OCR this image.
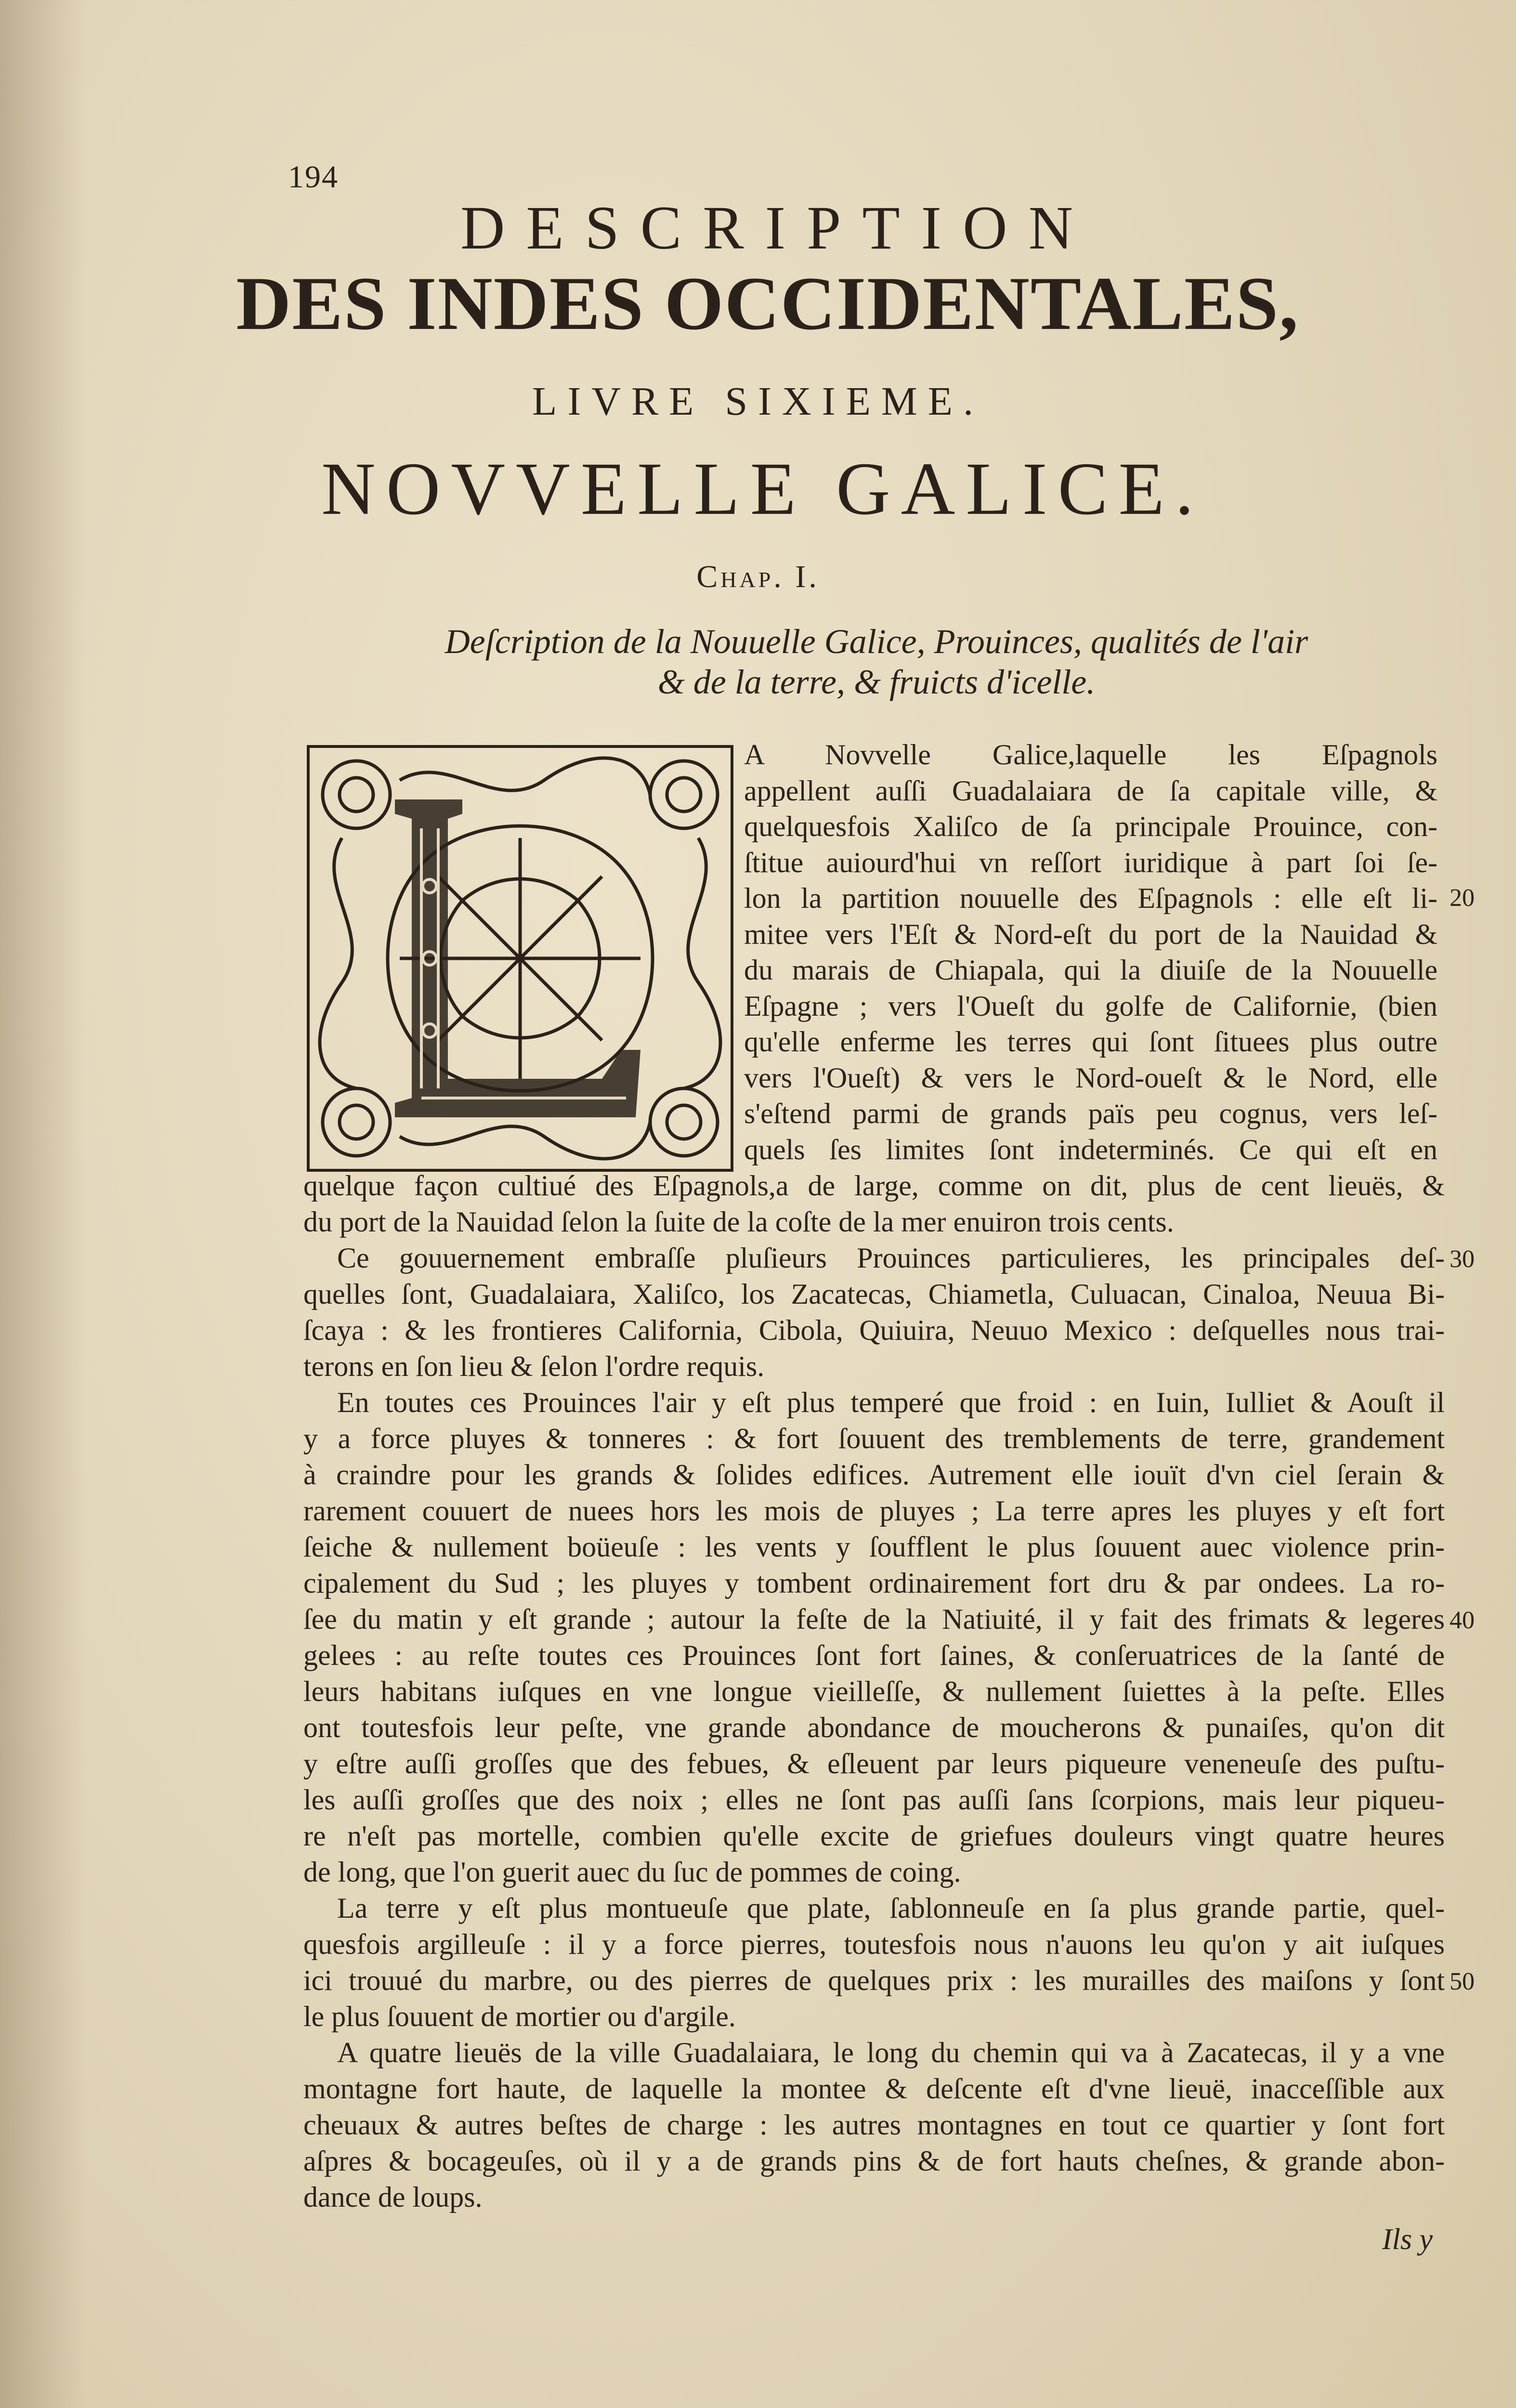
194
DESCRIPTION
DES INDES OCCIDENTALES,
LIVRE SIXIEME.
NOVVELLE GALICE.
Chap. I.
Deſcription de la Nouuelle Galice, Prouinces, qualités de l'air
& de la terre, & fruicts d'icelle.
A Novvelle Galice,laquelle les Eſpagnols
appellent auſſi Guadalaiara de ſa capitale ville, &
quelquesfois Xaliſco de ſa principale Prouince, con-
ſtitue auiourd'hui vn reſſort iuridique à part ſoi ſe-
lon la partition nouuelle des Eſpagnols : elle eſt li-
mitee vers l'Eſt & Nord-eſt du port de la Nauidad &
du marais de Chiapala, qui la diuiſe de la Nouuelle
Eſpagne ; vers l'Oueſt du golfe de Californie, (bien
qu'elle enferme les terres qui ſont ſituees plus outre
vers l'Oueſt) & vers le Nord-oueſt & le Nord, elle
s'eſtend parmi de grands païs peu cognus, vers leſ-
quels ſes limites ſont indeterminés. Ce qui eſt en
quelque façon cultiué des Eſpagnols,a de large, comme on dit, plus de cent lieuës, &
du port de la Nauidad ſelon la ſuite de la coſte de la mer enuiron trois cents.
Ce gouuernement embraſſe pluſieurs Prouinces particulieres, les principales deſ-
quelles ſont, Guadalaiara, Xaliſco, los Zacatecas, Chiametla, Culuacan, Cinaloa, Neuua Bi-
ſcaya : & les frontieres California, Cibola, Quiuira, Neuuo Mexico : deſquelles nous trai-
terons en ſon lieu & ſelon l'ordre requis.
En toutes ces Prouinces l'air y eſt plus temperé que froid : en Iuin, Iulliet & Aouſt il
y a force pluyes & tonneres : & fort ſouuent des tremblements de terre, grandement
à craindre pour les grands & ſolides edifices. Autrement elle iouït d'vn ciel ſerain &
rarement couuert de nuees hors les mois de pluyes ; La terre apres les pluyes y eſt fort
ſeiche & nullement boüeuſe : les vents y ſoufflent le plus ſouuent auec violence prin-
cipalement du Sud ; les pluyes y tombent ordinairement fort dru & par ondees. La ro-
ſee du matin y eſt grande ; autour la feſte de la Natiuité, il y fait des frimats & legeres
gelees : au reſte toutes ces Prouinces ſont fort ſaines, & conſeruatrices de la ſanté de
leurs habitans iuſques en vne longue vieilleſſe, & nullement ſuiettes à la peſte. Elles
ont toutesfois leur peſte, vne grande abondance de moucherons & punaiſes, qu'on dit
y eſtre auſſi groſſes que des febues, & eſleuent par leurs piqueure veneneuſe des puſtu-
les auſſi groſſes que des noix ; elles ne ſont pas auſſi ſans ſcorpions, mais leur piqueu-
re n'eſt pas mortelle, combien qu'elle excite de griefues douleurs vingt quatre heures
de long, que l'on guerit auec du ſuc de pommes de coing.
La terre y eſt plus montueuſe que plate, ſablonneuſe en ſa plus grande partie, quel-
quesfois argilleuſe : il y a force pierres, toutesfois nous n'auons leu qu'on y ait iuſques
ici trouué du marbre, ou des pierres de quelques prix : les murailles des maiſons y ſont
le plus ſouuent de mortier ou d'argile.
A quatre lieuës de la ville Guadalaiara, le long du chemin qui va à Zacatecas, il y a vne
montagne fort haute, de laquelle la montee & deſcente eſt d'vne lieuë, inacceſſible aux
cheuaux & autres beſtes de charge : les autres montagnes en tout ce quartier y ſont fort
aſpres & bocageuſes, où il y a de grands pins & de fort hauts cheſnes, & grande abon-
dance de loups.
20
30
40
50
Ils y
